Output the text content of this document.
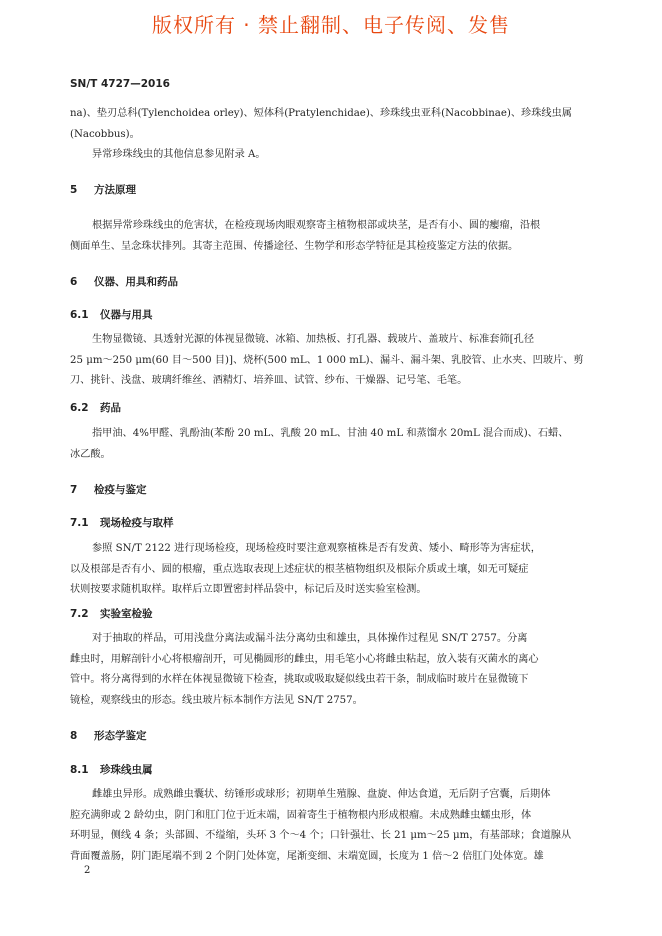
版权所有 · 禁止翻制、电子传阅、发售
SN/T 4727—2016
na)、垫刃总科(Tylenchoidea orley)、短体科(Pratylenchidae)、珍珠线虫亚科(Nacobbinae)、珍珠线虫属
(Nacobbus)。
异常珍珠线虫的其他信息参见附录 A。
5 方法原理
根据异常珍珠线虫的危害状，在检疫现场肉眼观察寄主植物根部或块茎，是否有小、圆的瘿瘤，沿根
侧面单生、呈念珠状排列。其寄主范围、传播途径、生物学和形态学特征是其检疫鉴定方法的依据。
6 仪器、用具和药品
6.1 仪器与用具
生物显微镜、具透射光源的体视显微镜、冰箱、加热板、打孔器、载玻片、盖玻片、标准套筛[孔径
25 μm～250 μm(60 目～500 目)]、烧杯(500 mL、1 000 mL)、漏斗、漏斗架、乳胶管、止水夹、凹玻片、剪
刀、挑针、浅盘、玻璃纤维丝、酒精灯、培养皿、试管、纱布、干燥器、记号笔、毛笔。
6.2 药品
指甲油、4%甲醛、乳酚油(苯酚 20 mL、乳酸 20 mL、甘油 40 mL 和蒸馏水 20mL 混合而成)、石蜡、
冰乙酸。
7 检疫与鉴定
7.1 现场检疫与取样
参照 SN/T 2122 进行现场检疫，现场检疫时要注意观察植株是否有发黄、矮小、畸形等为害症状，
以及根部是否有小、圆的根瘤，重点选取表现上述症状的根茎植物组织及根际介质或土壤，如无可疑症
状则按要求随机取样。取样后立即置密封样品袋中，标记后及时送实验室检测。
7.2 实验室检验
对于抽取的样品，可用浅盘分离法或漏斗法分离幼虫和雄虫，具体操作过程见 SN/T 2757。分离
雌虫时，用解剖针小心将根瘤剖开，可见椭圆形的雌虫，用毛笔小心将雌虫粘起，放入装有灭菌水的离心
管中。将分离得到的水样在体视显微镜下检查，挑取或吸取疑似线虫若干条，制成临时玻片在显微镜下
镜检，观察线虫的形态。线虫玻片标本制作方法见 SN/T 2757。
8 形态学鉴定
8.1 珍珠线虫属
雌雄虫异形。成熟雌虫囊状、纺锤形或球形；初期单生殖腺、盘旋、伸达食道，无后阴子宫囊，后期体
腔充满卵或 2 龄幼虫，阴门和肛门位于近末端，固着寄生于植物根内形成根瘤。未成熟雌虫蠕虫形，体
环明显，侧线 4 条；头部圆、不缢缩，头环 3 个～4 个；口针强壮、长 21 μm～25 μm，有基部球；食道腺从
背面覆盖肠，阴门距尾端不到 2 个阴门处体宽，尾渐变细、末端宽圆，长度为 1 倍～2 倍肛门处体宽。雄
2
